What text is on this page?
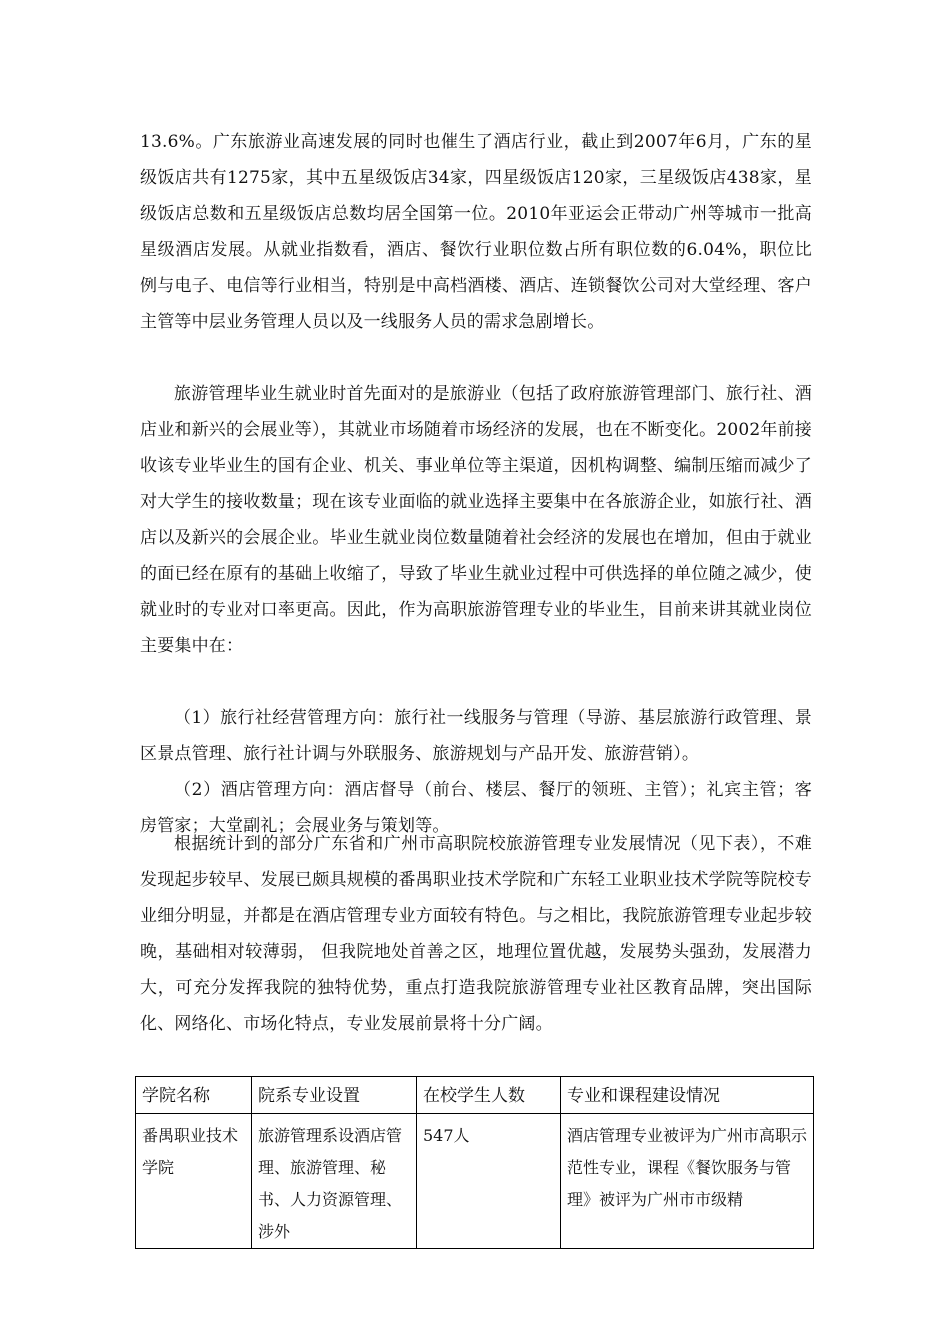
13.6%。广东旅游业高速发展的同时也催生了酒店行业，截止到2007年6月，广东的星级饭店共有1275家，其中五星级饭店34家，四星级饭店120家，三星级饭店438家，星级饭店总数和五星级饭店总数均居全国第一位。2010年亚运会正带动广州等城市一批高星级酒店发展。从就业指数看，酒店、餐饮行业职位数占所有职位数的6.04%，职位比例与电子、电信等行业相当，特别是中高档酒楼、酒店、连锁餐饮公司对大堂经理、客户主管等中层业务管理人员以及一线服务人员的需求急剧增长。

旅游管理毕业生就业时首先面对的是旅游业（包括了政府旅游管理部门、旅行社、酒店业和新兴的会展业等），其就业市场随着市场经济的发展，也在不断变化。2002年前接收该专业毕业生的国有企业、机关、事业单位等主渠道，因机构调整、编制压缩而减少了对大学生的接收数量；现在该专业面临的就业选择主要集中在各旅游企业，如旅行社、酒店以及新兴的会展企业。毕业生就业岗位数量随着社会经济的发展也在增加，但由于就业的面已经在原有的基础上收缩了，导致了毕业生就业过程中可供选择的单位随之减少，使就业时的专业对口率更高。因此，作为高职旅游管理专业的毕业生，目前来讲其就业岗位主要集中在：

（1）旅行社经营管理方向：旅行社一线服务与管理（导游、基层旅游行政管理、景区景点管理、旅行社计调与外联服务、旅游规划与产品开发、旅游营销）。

（2）酒店管理方向：酒店督导（前台、楼层、餐厅的领班、主管）；礼宾主管；客房管家；大堂副礼；会展业务与策划等。

根据统计到的部分广东省和广州市高职院校旅游管理专业发展情况（见下表），不难发现起步较早、发展已颇具规模的番禺职业技术学院和广东轻工业职业技术学院等院校专业细分明显，并都是在酒店管理专业方面较有特色。与之相比，我院旅游管理专业起步较晚，基础相对较薄弱， 但我院地处首善之区，地理位置优越，发展势头强劲，发展潜力大，可充分发挥我院的独特优势，重点打造我院旅游管理专业社区教育品牌，突出国际化、网络化、市场化特点，专业发展前景将十分广阔。

学院名称	院系专业设置	在校学生人数	专业和课程建设情况
番禺职业技术学院	旅游管理系设酒店管理、旅游管理、秘书、人力资源管理、涉外	547人	酒店管理专业被评为广州市高职示范性专业，课程《餐饮服务与管理》被评为广州市市级精
